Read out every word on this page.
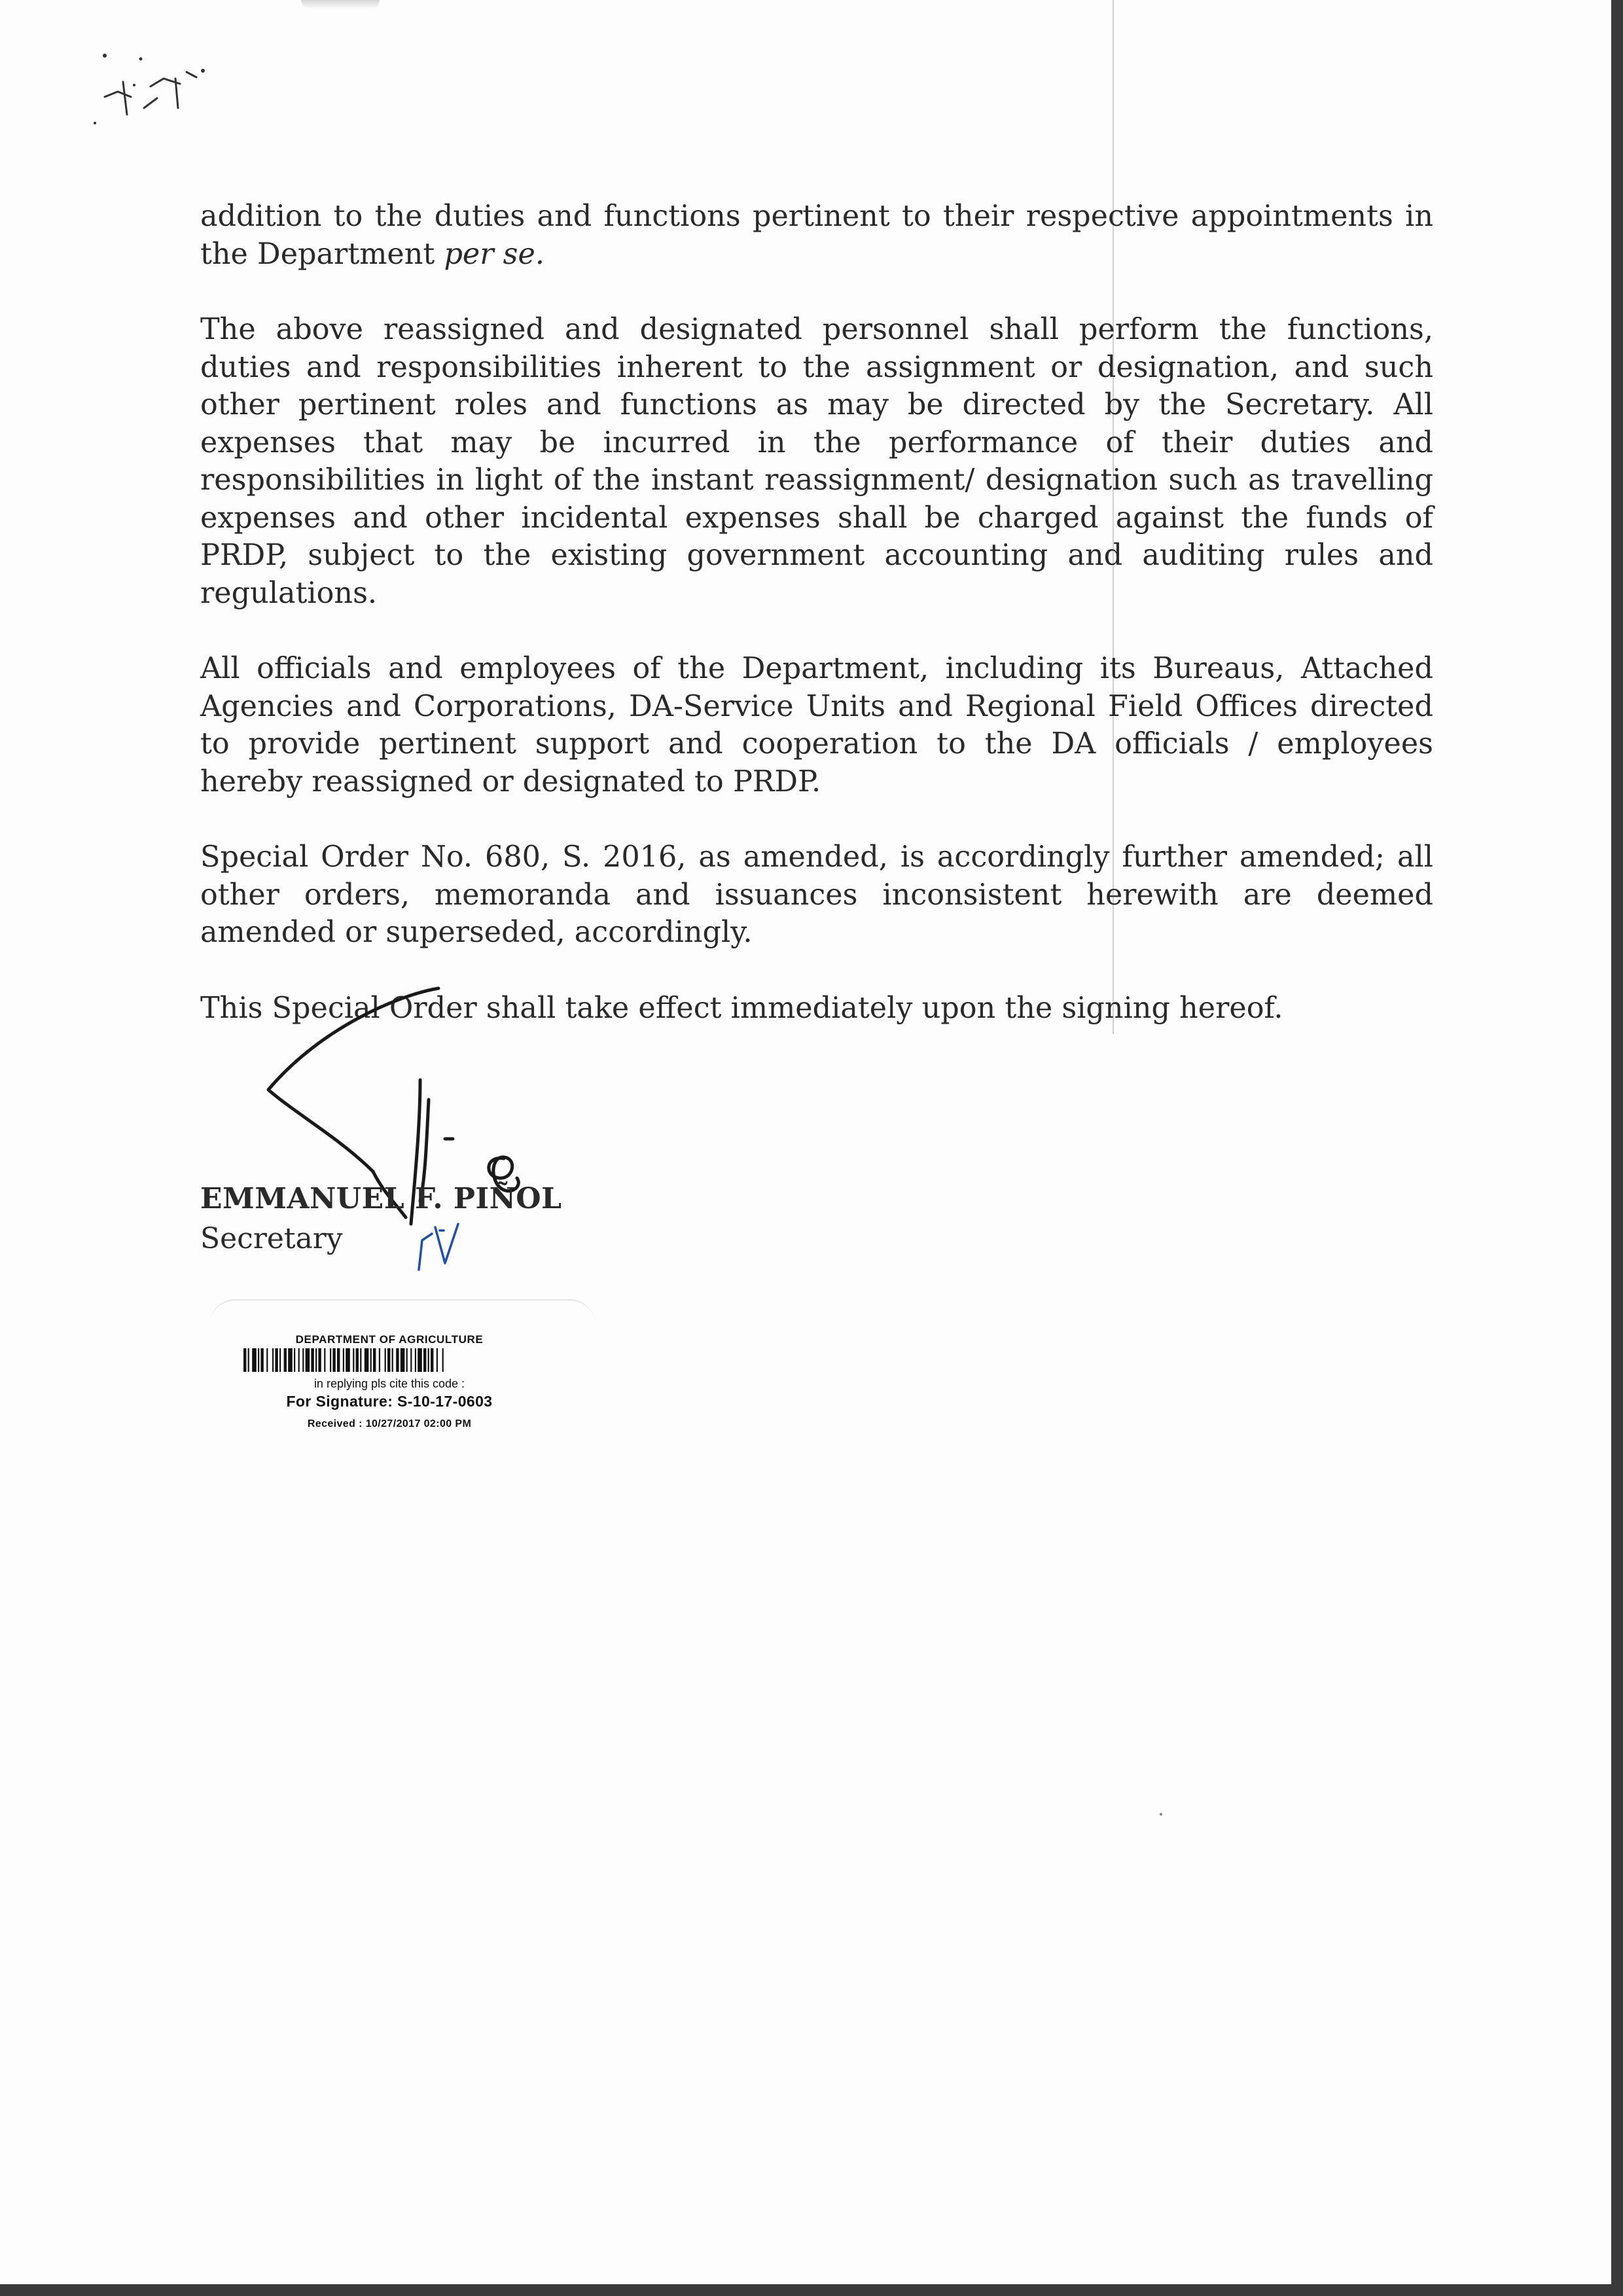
addition to the duties and functions pertinent to their respective appointments in the Department per se.

The above reassigned and designated personnel shall perform the functions, duties and responsibilities inherent to the assignment or designation, and such other pertinent roles and functions as may be directed by the Secretary. All expenses that may be incurred in the performance of their duties and responsibilities in light of the instant reassignment/ designation such as travelling expenses and other incidental expenses shall be charged against the funds of PRDP, subject to the existing government accounting and auditing rules and regulations.

All officials and employees of the Department, including its Bureaus, Attached Agencies and Corporations, DA-Service Units and Regional Field Offices directed to provide pertinent support and cooperation to the DA officials / employees hereby reassigned or designated to PRDP.

Special Order No. 680, S. 2016, as amended, is accordingly further amended; all other orders, memoranda and issuances inconsistent herewith are deemed amended or superseded, accordingly.

This Special Order shall take effect immediately upon the signing hereof.

EMMANUEL F. PIÑOL
Secretary
DEPARTMENT OF AGRICULTURE
in replying pls cite this code :
For Signature: S-10-17-0603
Received : 10/27/2017 02:00 PM
